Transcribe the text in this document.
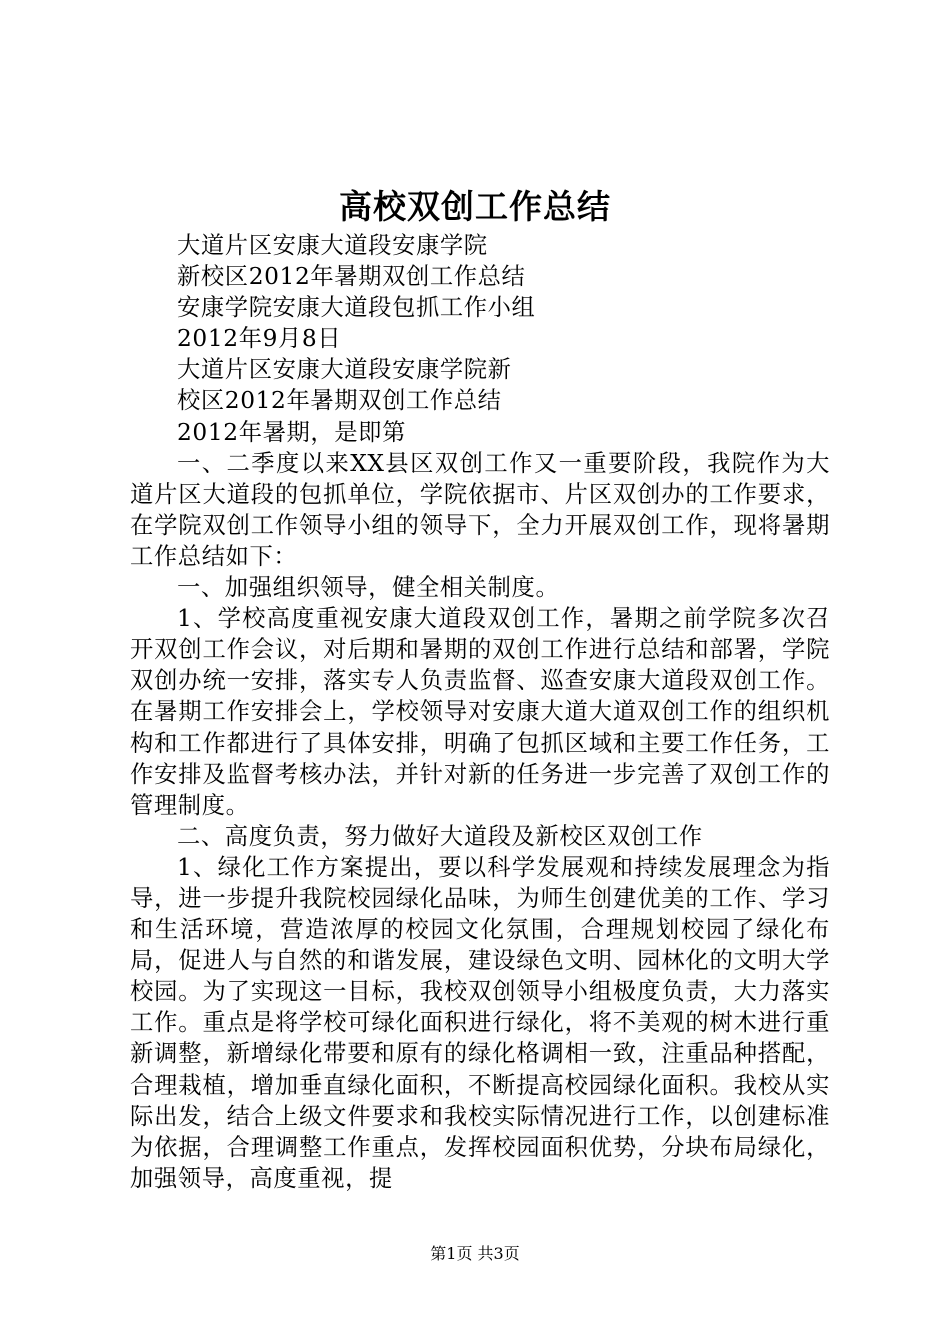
高校双创工作总结
大道片区安康大道段安康学院
新校区2012年暑期双创工作总结
安康学院安康大道段包抓工作小组
2012年9月8日
大道片区安康大道段安康学院新
校区2012年暑期双创工作总结
2012年暑期，是即第
一、二季度以来XX县区双创工作又一重要阶段，我院作为大道片区大道段的包抓单位，学院依据市、片区双创办的工作要求，在学院双创工作领导小组的领导下，全力开展双创工作，现将暑期工作总结如下：
一、加强组织领导，健全相关制度。
1、学校高度重视安康大道段双创工作，暑期之前学院多次召开双创工作会议，对后期和暑期的双创工作进行总结和部署，学院双创办统一安排，落实专人负责监督、巡查安康大道段双创工作。在暑期工作安排会上，学校领导对安康大道大道双创工作的组织机构和工作都进行了具体安排，明确了包抓区域和主要工作任务，工作安排及监督考核办法，并针对新的任务进一步完善了双创工作的管理制度。
二、高度负责，努力做好大道段及新校区双创工作
1、绿化工作方案提出，要以科学发展观和持续发展理念为指导，进一步提升我院校园绿化品味，为师生创建优美的工作、学习和生活环境，营造浓厚的校园文化氛围，合理规划校园了绿化布局，促进人与自然的和谐发展，建设绿色文明、园林化的文明大学校园。为了实现这一目标，我校双创领导小组极度负责，大力落实工作。重点是将学校可绿化面积进行绿化，将不美观的树木进行重新调整，新增绿化带要和原有的绿化格调相一致，注重品种搭配，合理栽植，增加垂直绿化面积，不断提高校园绿化面积。我校从实际出发，结合上级文件要求和我校实际情况进行工作，以创建标准为依据，合理调整工作重点，发挥校园面积优势，分块布局绿化，加强领导，高度重视，提
第1页 共3页
